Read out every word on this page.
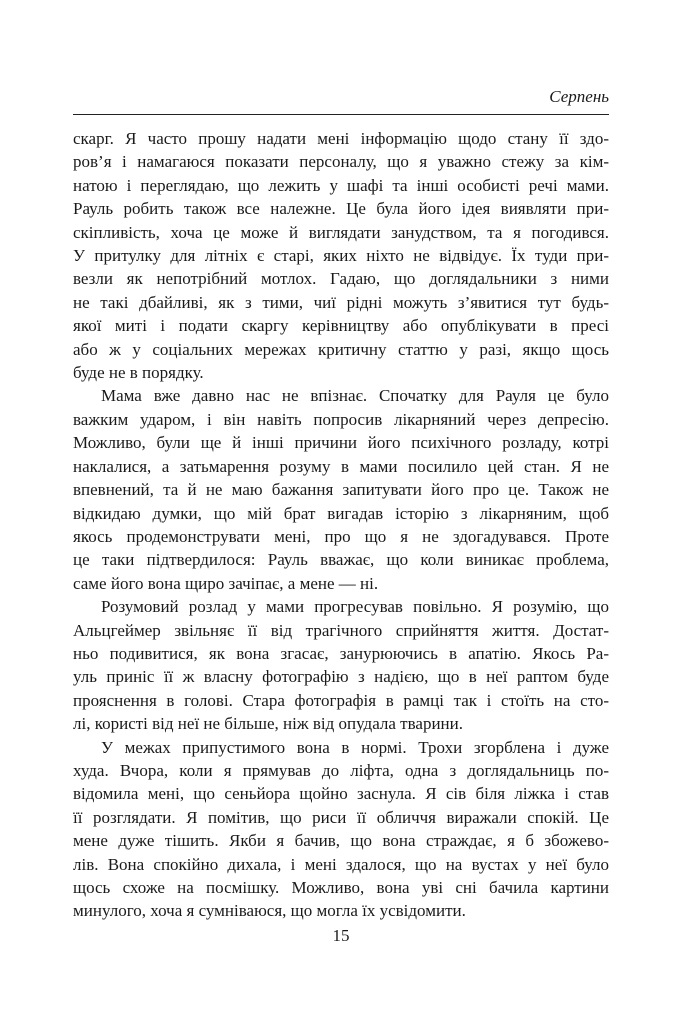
Серпень

скарг. Я часто прошу надати мені інформацію щодо стану її здо-
ров’я і намагаюся показати персоналу, що я уважно стежу за кім-
натою і переглядаю, що лежить у шафі та інші особисті речі мами.
Рауль робить також все належне. Це була його ідея виявляти при-
скіпливість, хоча це може й виглядати занудством, та я погодився.
У притулку для літніх є старі, яких ніхто не відвідує. Їх туди при-
везли як непотрібний мотлох. Гадаю, що доглядальники з ними
не такі дбайливі, як з тими, чиї рідні можуть з’явитися тут будь-
якої миті і подати скаргу керівництву або опублікувати в пресі
або ж у соціальних мережах критичну статтю у разі, якщо щось
буде не в порядку.

Мама вже давно нас не впізнає. Спочатку для Рауля це було
важким ударом, і він навіть попросив лікарняний через депресію.
Можливо, були ще й інші причини його психічного розладу, котрі
наклалися, а затьмарення розуму в мами посилило цей стан. Я не
впевнений, та й не маю бажання запитувати його про це. Також не
відкидаю думки, що мій брат вигадав історію з лікарняним, щоб
якось продемонструвати мені, про що я не здогадувався. Проте
це таки підтвердилося: Рауль вважає, що коли виникає проблема,
саме його вона щиро зачіпає, а мене — ні.

Розумовий розлад у мами прогресував повільно. Я розумію, що
Альцгеймер звільняє її від трагічного сприйняття життя. Достат-
ньо подивитися, як вона згасає, занурюючись в апатію. Якось Ра-
уль приніс її ж власну фотографію з надією, що в неї раптом буде
прояснення в голові. Стара фотографія в рамці так і стоїть на сто-
лі, користі від неї не більше, ніж від опудала тварини.

У межах припустимого вона в нормі. Трохи згорблена і дуже
худа. Вчора, коли я прямував до ліфта, одна з доглядальниць по-
відомила мені, що сеньйора щойно заснула. Я сів біля ліжка і став
її розглядати. Я помітив, що риси її обличчя виражали спокій. Це
мене дуже тішить. Якби я бачив, що вона страждає, я б збожево-
лів. Вона спокійно дихала, і мені здалося, що на вустах у неї було
щось схоже на посмішку. Можливо, вона уві сні бачила картини
минулого, хоча я сумніваюся, що могла їх усвідомити.

15
